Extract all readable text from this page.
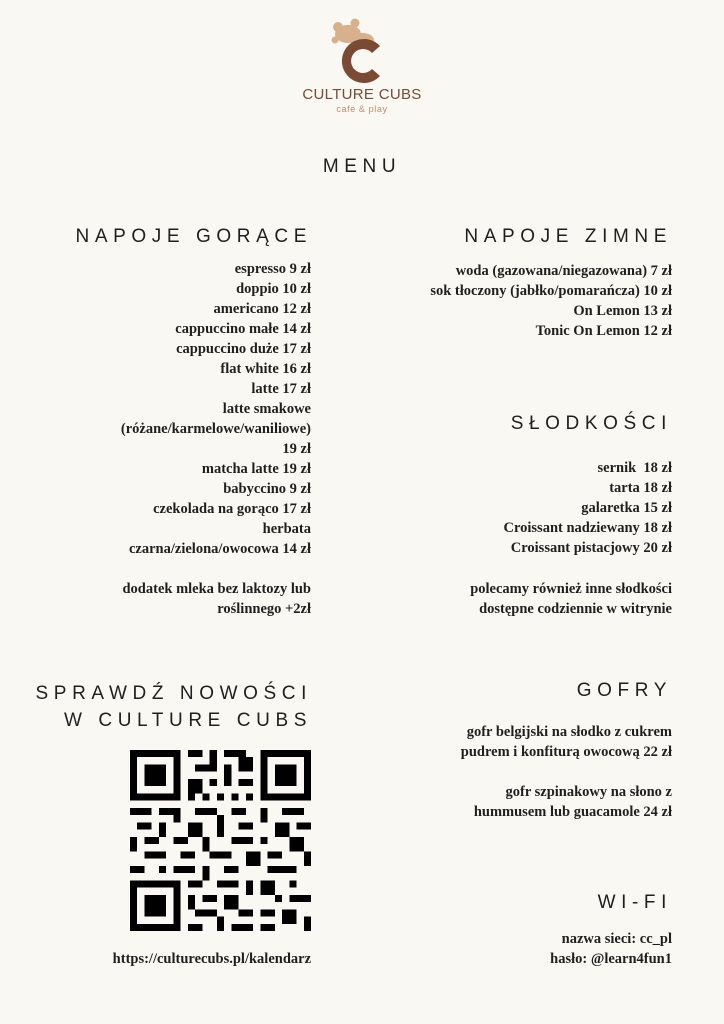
CULTURE CUBS
cafe & play
MENU
NAPOJE GORĄCE
espresso 9 zł
doppio 10 zł
americano 12 zł
cappuccino małe 14 zł
cappuccino duże 17 zł
flat white 16 zł
latte 17 zł
latte smakowe
(różane/karmelowe/waniliowe)
19 zł
matcha latte 19 zł
babyccino 9 zł
czekolada na gorąco 17 zł
herbata
czarna/zielona/owocowa 14 zł
dodatek mleka bez laktozy lub
roślinnego +2zł
SPRAWDŹ NOWOŚCI
W CULTURE CUBS
https://culturecubs.pl/kalendarz
NAPOJE ZIMNE
woda (gazowana/niegazowana) 7 zł
sok tłoczony (jabłko/pomarańcza) 10 zł
On Lemon 13 zł
Tonic On Lemon 12 zł
SŁODKOŚCI
sernik  18 zł
tarta 18 zł
galaretka 15 zł
Croissant nadziewany 18 zł
Croissant pistacjowy 20 zł
polecamy również inne słodkości
dostępne codziennie w witrynie
GOFRY
gofr belgijski na słodko z cukrem
pudrem i konfiturą owocową 22 zł
gofr szpinakowy na słono z
hummusem lub guacamole 24 zł
WI-FI
nazwa sieci: cc_pl
hasło: @learn4fun1
